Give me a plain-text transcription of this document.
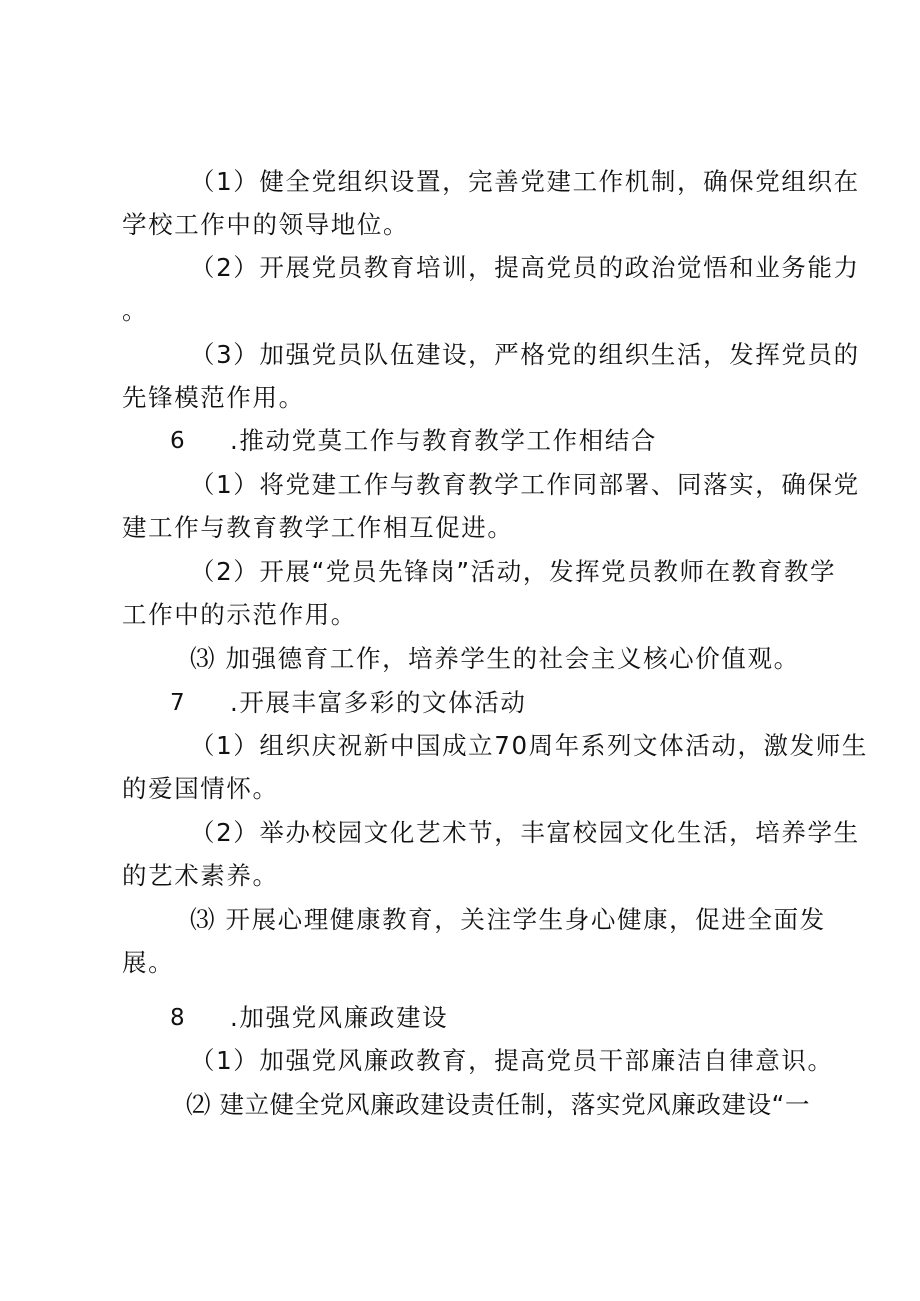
（1）健全党组织设置，完善党建工作机制，确保党组织在
学校工作中的领导地位。
（2）开展党员教育培训，提高党员的政治觉悟和业务能力
。
（3）加强党员队伍建设，严格党的组织生活，发挥党员的
先锋模范作用。
6 .推动党莫工作与教育教学工作相结合
（1）将党建工作与教育教学工作同部署、同落实，确保党
建工作与教育教学工作相互促进。
（2）开展“党员先锋岗”活动，发挥党员教师在教育教学
工作中的示范作用。
⑶ 加强德育工作，培养学生的社会主义核心价值观。
7 .开展丰富多彩的文体活动
（1）组织庆祝新中国成立70周年系列文体活动，激发师生
的爱国情怀。
（2）举办校园文化艺术节，丰富校园文化生活，培养学生
的艺术素养。
⑶ 开展心理健康教育，关注学生身心健康，促进全面发
展。
8 .加强党风廉政建设
（1）加强党风廉政教育，提高党员干部廉洁自律意识。
⑵ 建立健全党风廉政建设责任制，落实党风廉政建设“一
